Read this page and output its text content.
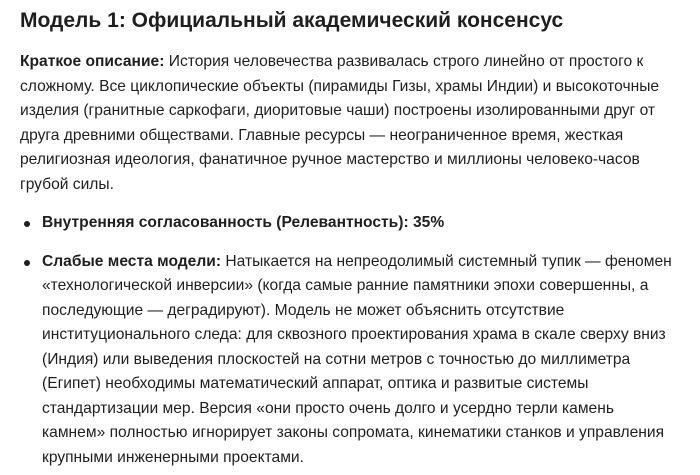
Модель 1: Официальный академический консенсус

Краткое описание: История человечества развивалась строго линейно от простого к сложному. Все циклопические объекты (пирамиды Гизы, храмы Индии) и высокоточные изделия (гранитные саркофаги, диоритовые чаши) построены изолированными друг от друга древними обществами. Главные ресурсы — неограниченное время, жесткая религиозная идеология, фанатичное ручное мастерство и миллионы человеко-часов грубой силы.

Внутренняя согласованность (Релевантность): 35%
Слабые места модели: Натыкается на непреодолимый системный тупик — феномен «технологической инверсии» (когда самые ранние памятники эпохи совершенны, а последующие — деградируют). Модель не может объяснить отсутствие институционального следа: для сквозного проектирования храма в скале сверху вниз (Индия) или выведения плоскостей на сотни метров с точностью до миллиметра (Египет) необходимы математический аппарат, оптика и развитые системы стандартизации мер. Версия «они просто очень долго и усердно терли камень камнем» полностью игнорирует законы сопромата, кинематики станков и управления крупными инженерными проектами.
